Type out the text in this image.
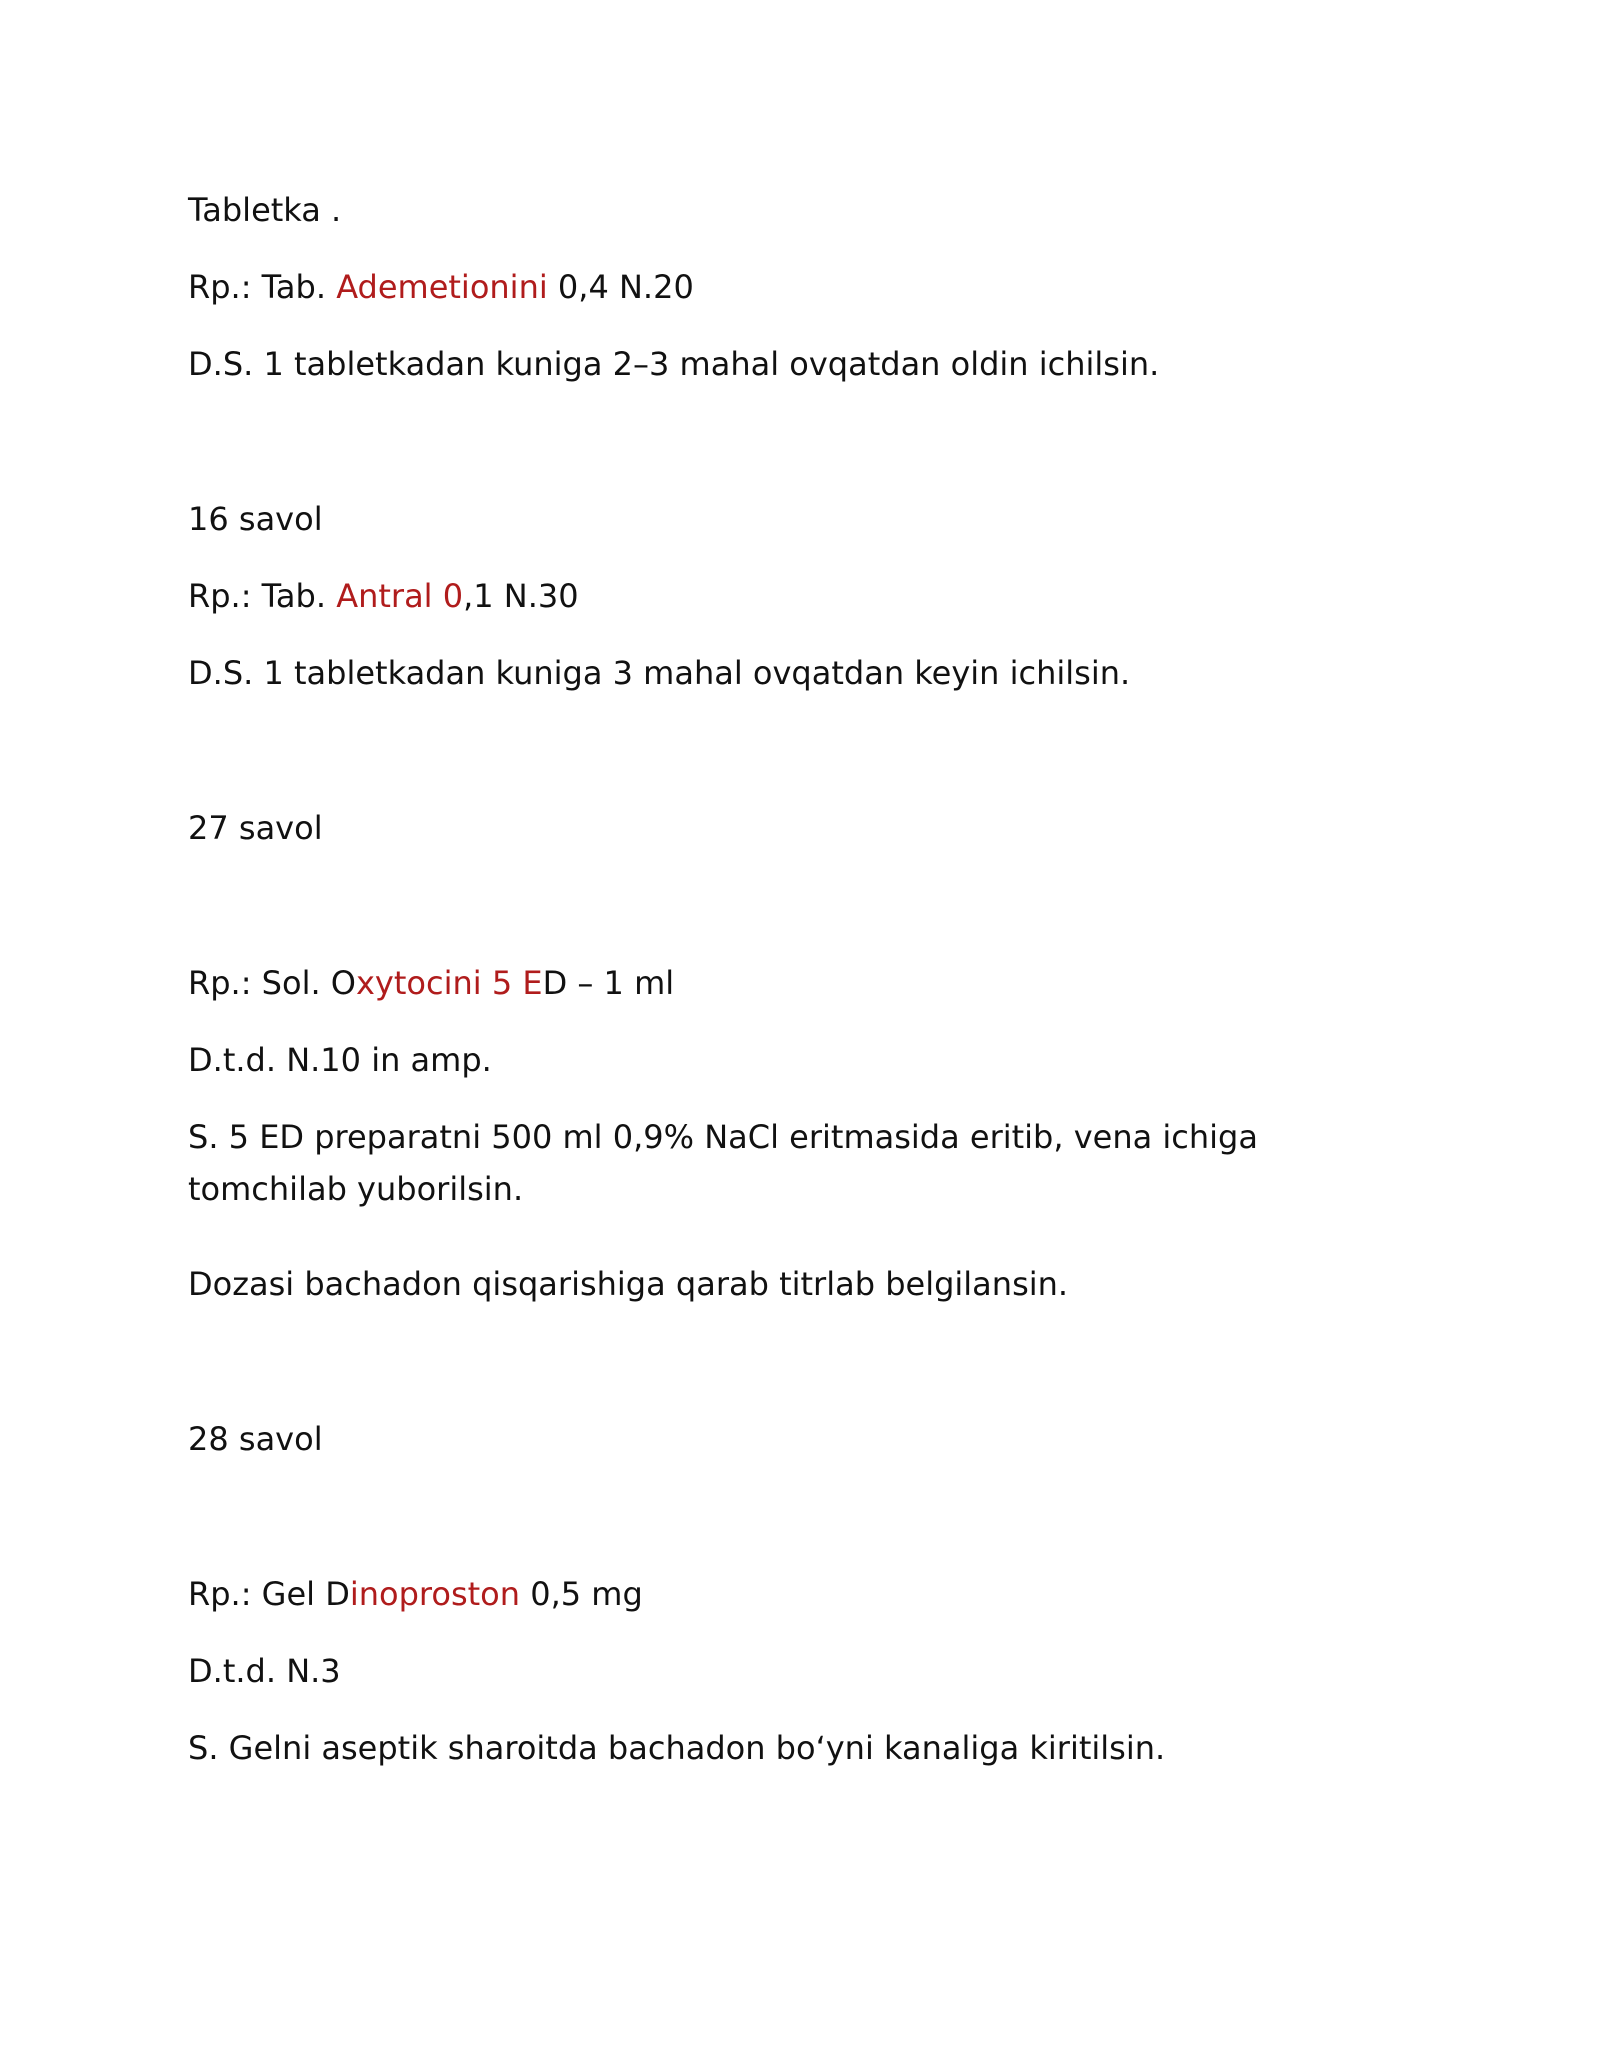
Tabletka .
Rp.: Tab. Ademetionini 0,4 N.20
D.S. 1 tabletkadan kuniga 2–3 mahal ovqatdan oldin ichilsin.
16 savol
Rp.: Tab. Antral 0,1 N.30
D.S. 1 tabletkadan kuniga 3 mahal ovqatdan keyin ichilsin.
27 savol
Rp.: Sol. Oxytocini 5 ED – 1 ml
D.t.d. N.10 in amp.
S. 5 ED preparatni 500 ml 0,9% NaCl eritmasida eritib, vena ichiga tomchilab yuborilsin.
Dozasi bachadon qisqarishiga qarab titrlab belgilansin.
28 savol
Rp.: Gel Dinoproston 0,5 mg
D.t.d. N.3
S. Gelni aseptik sharoitda bachadon bo‘yni kanaliga kiritilsin.
